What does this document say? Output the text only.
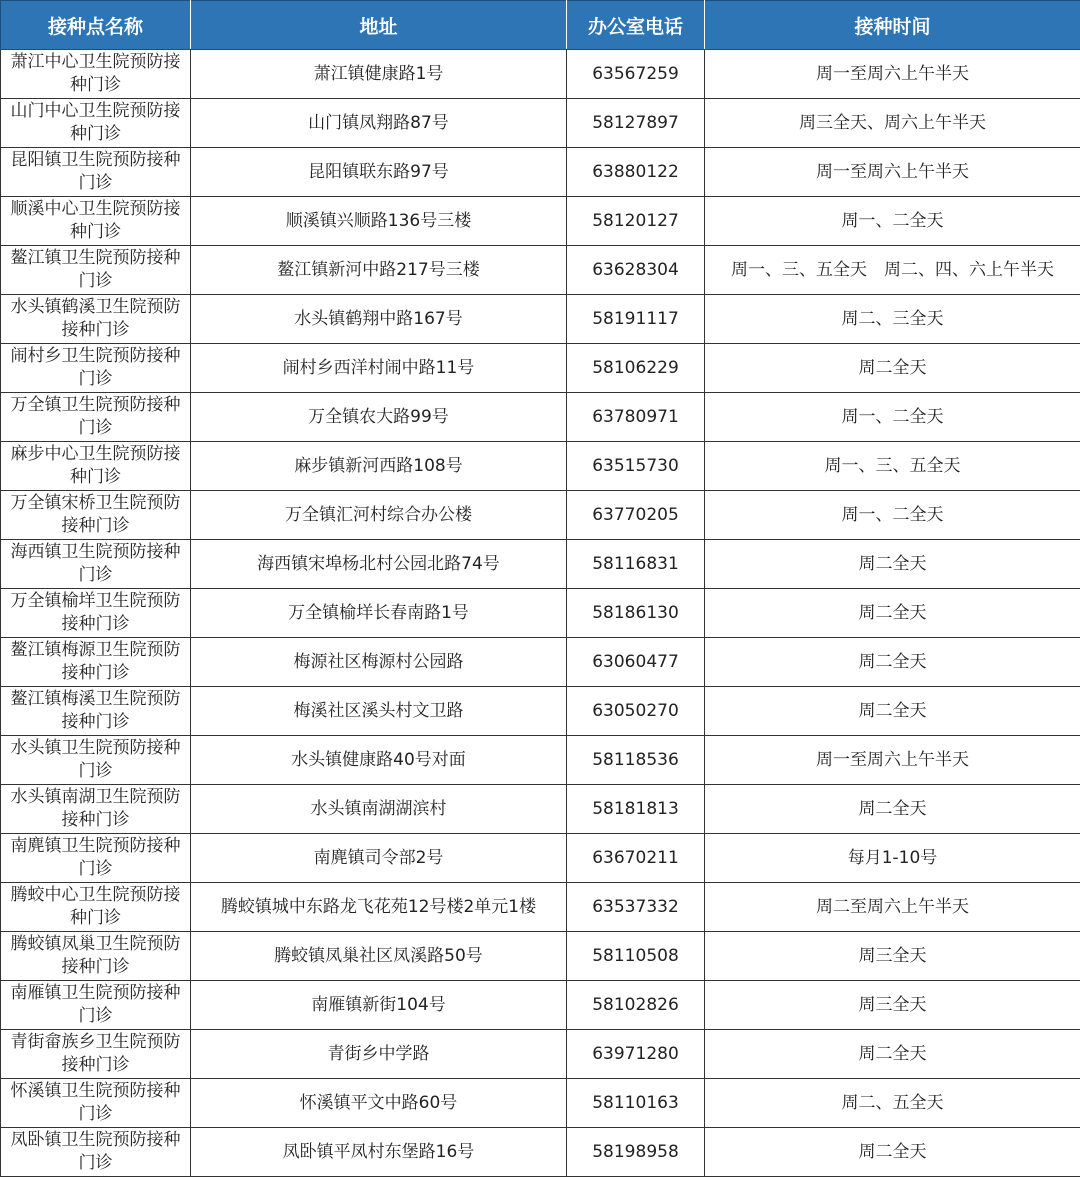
接种点名称	地址	办公室电话	接种时间
萧江中心卫生院预防接种门诊	萧江镇健康路1号	63567259	周一至周六上午半天
山门中心卫生院预防接种门诊	山门镇凤翔路87号	58127897	周三全天、周六上午半天
昆阳镇卫生院预防接种门诊	昆阳镇联东路97号	63880122	周一至周六上午半天
顺溪中心卫生院预防接种门诊	顺溪镇兴顺路136号三楼	58120127	周一、二全天
鳌江镇卫生院预防接种门诊	鳌江镇新河中路217号三楼	63628304	周一、三、五全天　周二、四、六上午半天
水头镇鹤溪卫生院预防接种门诊	水头镇鹤翔中路167号	58191117	周二、三全天
闹村乡卫生院预防接种门诊	闹村乡西洋村闹中路11号	58106229	周二全天
万全镇卫生院预防接种门诊	万全镇农大路99号	63780971	周一、二全天
麻步中心卫生院预防接种门诊	麻步镇新河西路108号	63515730	周一、三、五全天
万全镇宋桥卫生院预防接种门诊	万全镇汇河村综合办公楼	63770205	周一、二全天
海西镇卫生院预防接种门诊	海西镇宋埠杨北村公园北路74号	58116831	周二全天
万全镇榆垟卫生院预防接种门诊	万全镇榆垟长春南路1号	58186130	周二全天
鳌江镇梅源卫生院预防接种门诊	梅源社区梅源村公园路	63060477	周二全天
鳌江镇梅溪卫生院预防接种门诊	梅溪社区溪头村文卫路	63050270	周二全天
水头镇卫生院预防接种门诊	水头镇健康路40号对面	58118536	周一至周六上午半天
水头镇南湖卫生院预防接种门诊	水头镇南湖湖滨村	58181813	周二全天
南麂镇卫生院预防接种门诊	南麂镇司令部2号	63670211	每月1-10号
腾蛟中心卫生院预防接种门诊	腾蛟镇城中东路龙飞花苑12号楼2单元1楼	63537332	周二至周六上午半天
腾蛟镇凤巢卫生院预防接种门诊	腾蛟镇凤巢社区凤溪路50号	58110508	周三全天
南雁镇卫生院预防接种门诊	南雁镇新街104号	58102826	周三全天
青街畲族乡卫生院预防接种门诊	青街乡中学路	63971280	周二全天
怀溪镇卫生院预防接种门诊	怀溪镇平文中路60号	58110163	周二、五全天
凤卧镇卫生院预防接种门诊	凤卧镇平凤村东堡路16号	58198958	周二全天
